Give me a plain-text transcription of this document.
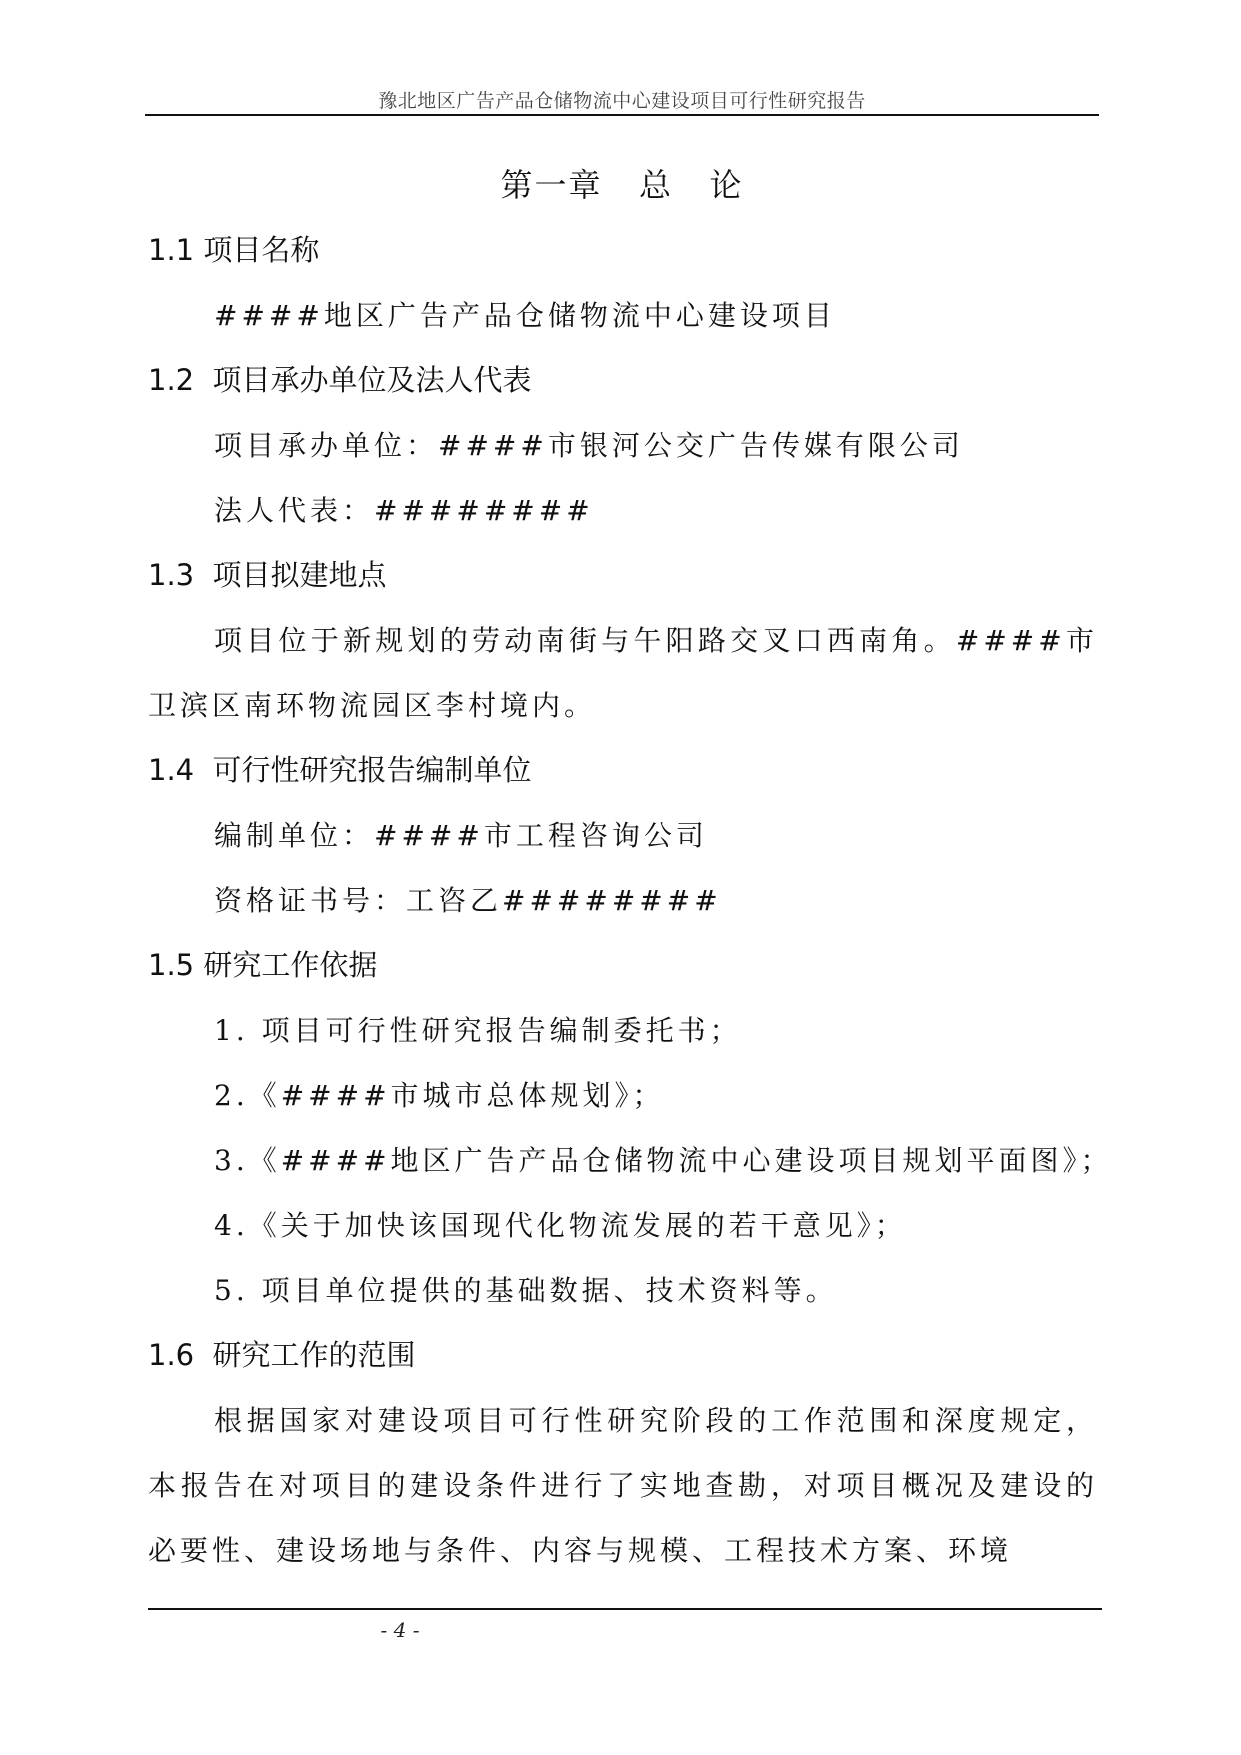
豫北地区广告产品仓储物流中心建设项目可行性研究报告
第一章   总   论
1.1 项目名称
####地区广告产品仓储物流中心建设项目
1.2  项目承办单位及法人代表
项目承办单位：####市银河公交广告传媒有限公司
法人代表：########
1.3  项目拟建地点
项目位于新规划的劳动南街与午阳路交叉口西南角。####市卫滨区南环物流园区李村境内。
1.4  可行性研究报告编制单位
编制单位：####市工程咨询公司
资格证书号：工咨乙########
1.5 研究工作依据
1. 项目可行性研究报告编制委托书；
2.《####市城市总体规划》；
3.《####地区广告产品仓储物流中心建设项目规划平面图》；
4.《关于加快该国现代化物流发展的若干意见》；
5. 项目单位提供的基础数据、技术资料等。
1.6  研究工作的范围
根据国家对建设项目可行性研究阶段的工作范围和深度规定，本报告在对项目的建设条件进行了实地查勘，对项目概况及建设的必要性、建设场地与条件、内容与规模、工程技术方案、环境
- 4 -
